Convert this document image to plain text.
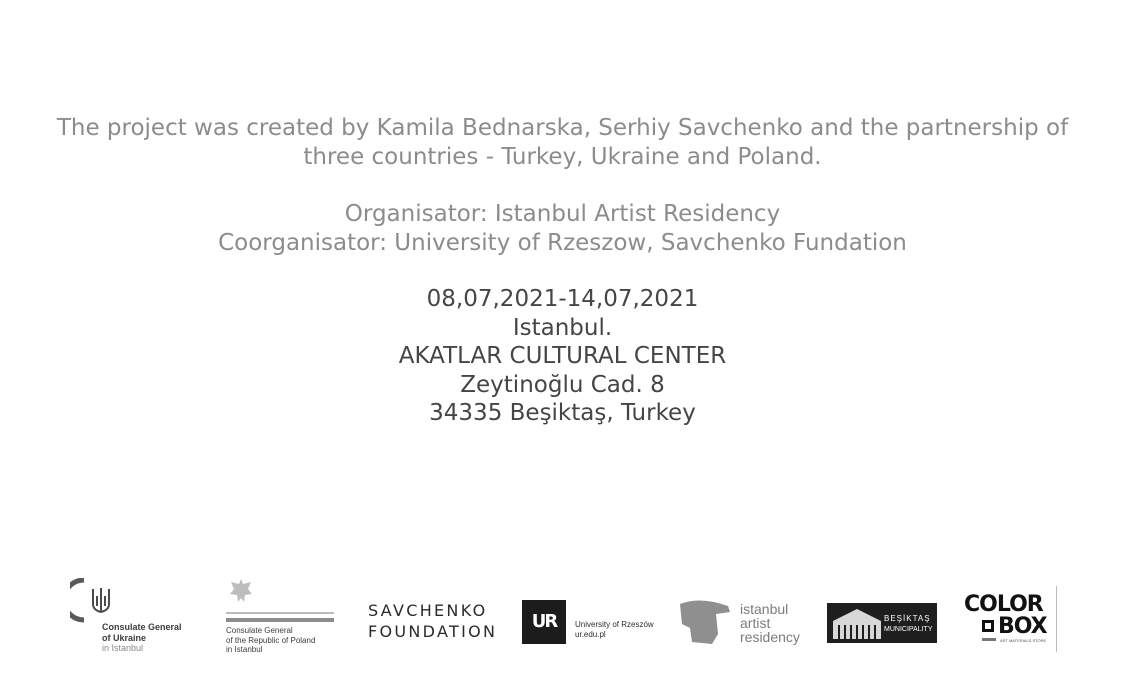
The project was created by Kamila Bednarska, Serhiy Savchenko and the partnership of
three countries - Turkey, Ukraine and Poland.
Organisator: Istanbul Artist Residency
Coorganisator: University of Rzeszow, Savchenko Fundation
08,07,2021-14,07,2021
Istanbul.
AKATLAR CULTURAL CENTER
Zeytinoğlu Cad. 8
34335 Beşiktaş, Turkey
Consulate General
of Ukraine
in Istanbul
Consulate General
of the Republic of Poland
in Istanbul
SAVCHENKO
FOUNDATION	UR	University of Rzeszów
ur.edu.pl
istanbul
artist
residency
BEŞİKTAŞ
MUNICIPALITY
COLOR
BOX
ART MATERIALS STORE
